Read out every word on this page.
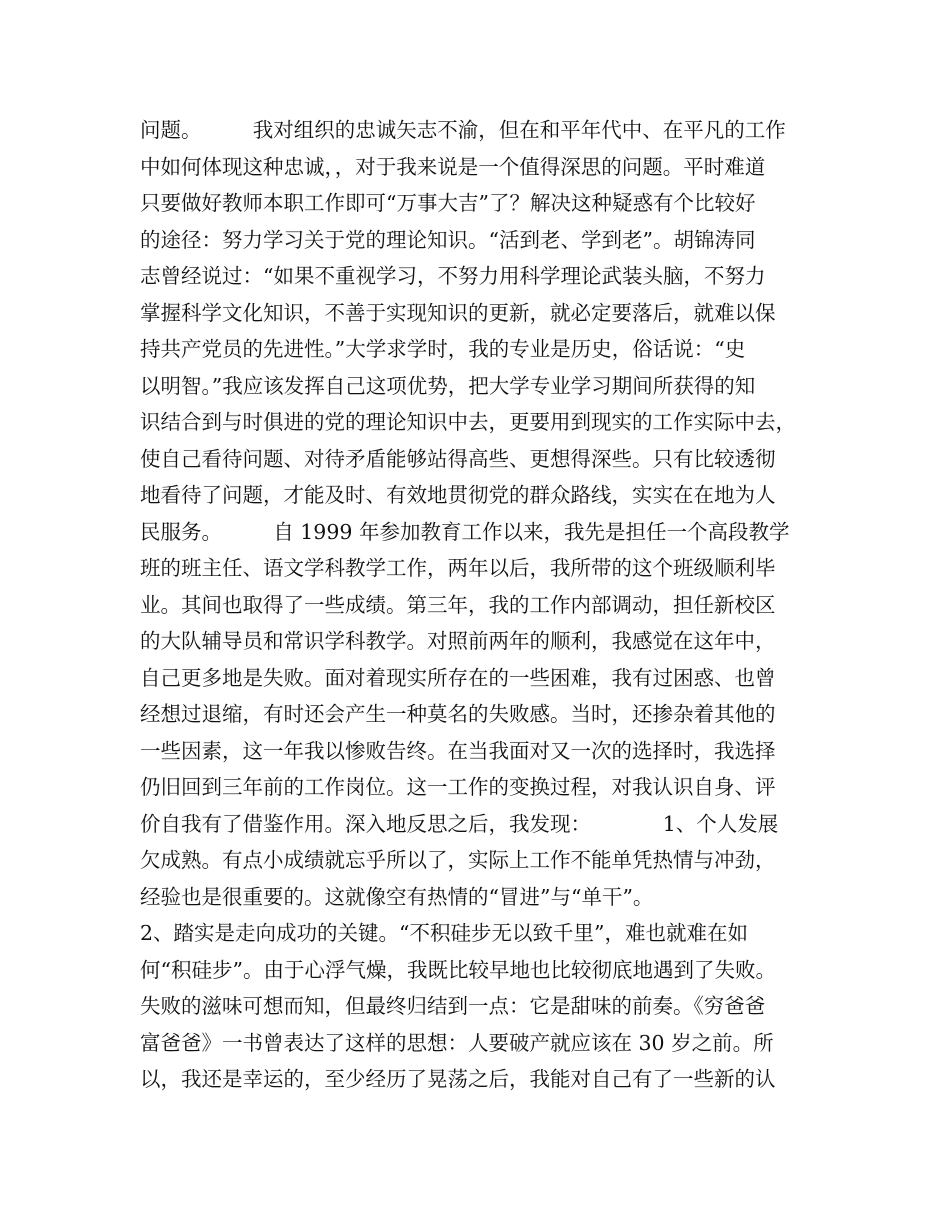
问题。　　　我对组织的忠诚矢志不渝，但在和平年代中、在平凡的工作
中如何体现这种忠诚，，对于我来说是一个值得深思的问题。平时难道
只要做好教师本职工作即可“万事大吉”了？解决这种疑惑有个比较好
的途径：努力学习关于党的理论知识。“活到老、学到老”。胡锦涛同
志曾经说过：“如果不重视学习，不努力用科学理论武装头脑，不努力
掌握科学文化知识，不善于实现知识的更新，就必定要落后，就难以保
持共产党员的先进性。”大学求学时，我的专业是历史，俗话说：“史
以明智。”我应该发挥自己这项优势，把大学专业学习期间所获得的知
识结合到与时俱进的党的理论知识中去，更要用到现实的工作实际中去，
使自己看待问题、对待矛盾能够站得高些、更想得深些。只有比较透彻
地看待了问题，才能及时、有效地贯彻党的群众路线，实实在在地为人
民服务。　　　自 1999 年参加教育工作以来，我先是担任一个高段教学
班的班主任、语文学科教学工作，两年以后，我所带的这个班级顺利毕
业。其间也取得了一些成绩。第三年，我的工作内部调动，担任新校区
的大队辅导员和常识学科教学。对照前两年的顺利，我感觉在这年中，
自己更多地是失败。面对着现实所存在的一些困难，我有过困惑、也曾
经想过退缩，有时还会产生一种莫名的失败感。当时，还掺杂着其他的
一些因素，这一年我以惨败告终。在当我面对又一次的选择时，我选择
仍旧回到三年前的工作岗位。这一工作的变换过程，对我认识自身、评
价自我有了借鉴作用。深入地反思之后，我发现：　　　　1、个人发展
欠成熟。有点小成绩就忘乎所以了，实际上工作不能单凭热情与冲劲，
经验也是很重要的。这就像空有热情的“冒进”与“单干”。
2、踏实是走向成功的关键。“不积硅步无以致千里”，难也就难在如
何“积硅步”。由于心浮气燥，我既比较早地也比较彻底地遇到了失败。
失败的滋味可想而知，但最终归结到一点：它是甜味的前奏。《穷爸爸
富爸爸》一书曾表达了这样的思想：人要破产就应该在 30 岁之前。所
以，我还是幸运的，至少经历了晃荡之后，我能对自己有了一些新的认
